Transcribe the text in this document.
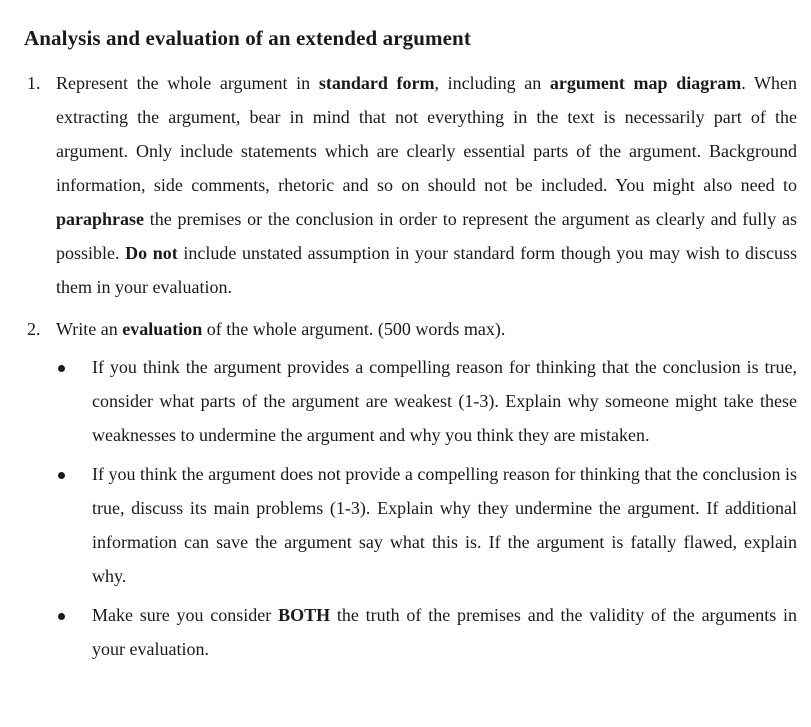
Analysis and evaluation of an extended argument
1. Represent the whole argument in standard form, including an argument map diagram. When extracting the argument, bear in mind that not everything in the text is necessarily part of the argument. Only include statements which are clearly essential parts of the argument. Background information, side comments, rhetoric and so on should not be included. You might also need to paraphrase the premises or the conclusion in order to represent the argument as clearly and fully as possible. Do not include unstated assumption in your standard form though you may wish to discuss them in your evaluation.
2. Write an evaluation of the whole argument. (500 words max).
If you think the argument provides a compelling reason for thinking that the conclusion is true, consider what parts of the argument are weakest (1-3). Explain why someone might take these weaknesses to undermine the argument and why you think they are mistaken.
If you think the argument does not provide a compelling reason for thinking that the conclusion is true, discuss its main problems (1-3). Explain why they undermine the argument. If additional information can save the argument say what this is. If the argument is fatally flawed, explain why.
Make sure you consider BOTH the truth of the premises and the validity of the arguments in your evaluation.
